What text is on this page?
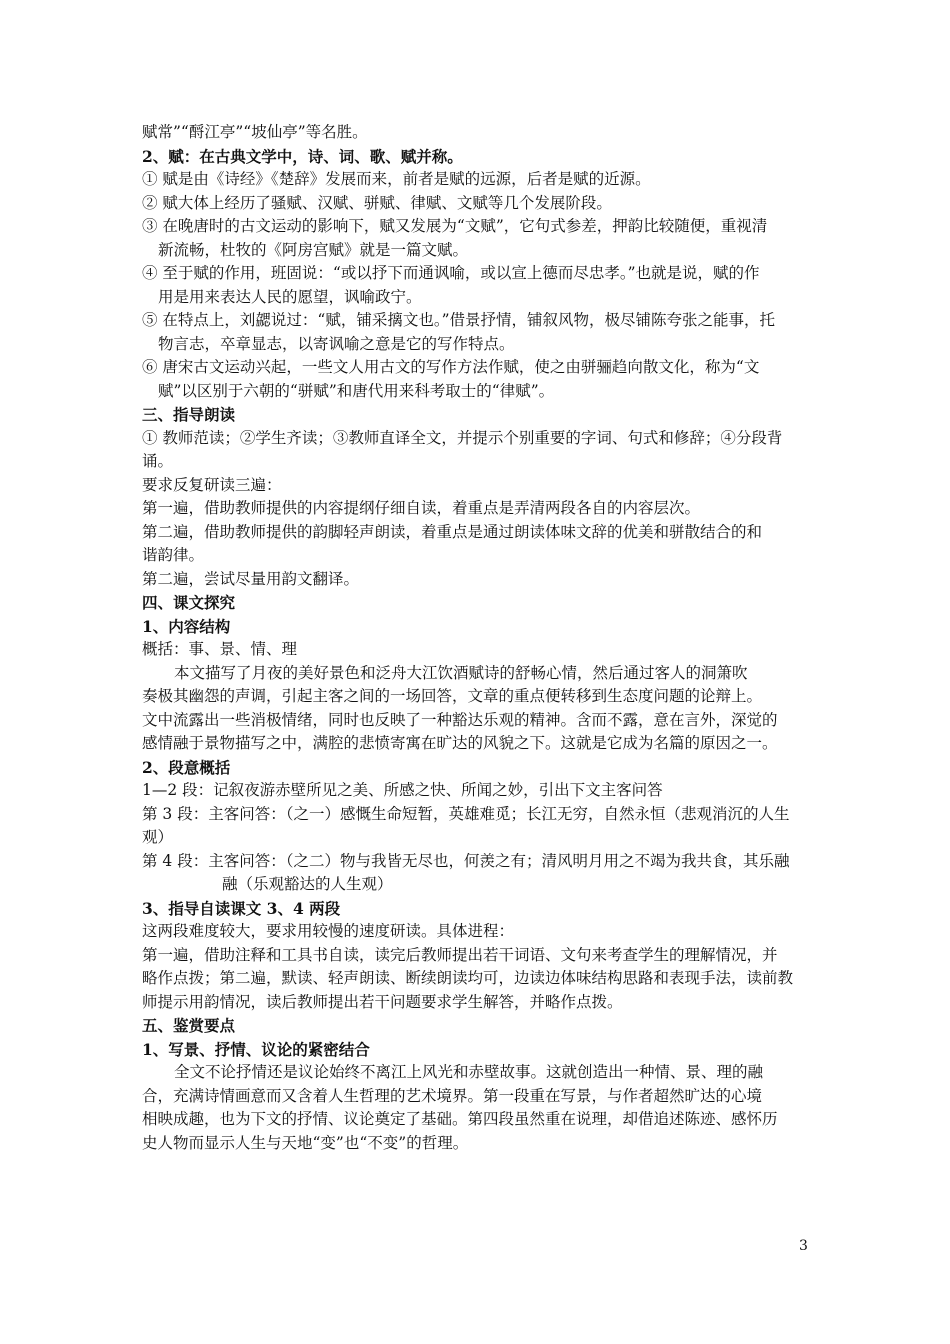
赋常”“酹江亭”“坡仙亭”等名胜。

2、赋：在古典文学中，诗、词、歌、赋并称。

① 赋是由《诗经》《楚辞》发展而来，前者是赋的远源，后者是赋的近源。

② 赋大体上经历了骚赋、汉赋、骈赋、律赋、文赋等几个发展阶段。

③ 在晚唐时的古文运动的影响下，赋又发展为“文赋”，它句式参差，押韵比较随便，重视清

新流畅，杜牧的《阿房宫赋》就是一篇文赋。

④ 至于赋的作用，班固说：“或以抒下而通讽喻，或以宣上德而尽忠孝。”也就是说，赋的作

用是用来表达人民的愿望，讽喻政宁。

⑤ 在特点上，刘勰说过：“赋，铺采摛文也。”借景抒情，铺叙风物，极尽铺陈夸张之能事，托

物言志，卒章显志，以寄讽喻之意是它的写作特点。

⑥ 唐宋古文运动兴起，一些文人用古文的写作方法作赋，使之由骈骊趋向散文化，称为“文

赋”以区别于六朝的“骈赋”和唐代用来科考取士的“律赋”。

三、指导朗读

① 教师范读；②学生齐读；③教师直译全文，并提示个别重要的字词、句式和修辞；④分段背

诵。

要求反复研读三遍：

第一遍，借助教师提供的内容提纲仔细自读，着重点是弄清两段各自的内容层次。

第二遍，借助教师提供的韵脚轻声朗读，着重点是通过朗读体味文辞的优美和骈散结合的和

谐韵律。

第二遍，尝试尽量用韵文翻译。

四、课文探究

1、内容结构

概括：事、景、情、理

本文描写了月夜的美好景色和泛舟大江饮酒赋诗的舒畅心情，然后通过客人的洞箫吹

奏极其幽怨的声调，引起主客之间的一场回答，文章的重点便转移到生态度问题的论辩上。

文中流露出一些消极情绪，同时也反映了一种豁达乐观的精神。含而不露，意在言外，深觉的

感情融于景物描写之中，满腔的悲愤寄寓在旷达的风貌之下。这就是它成为名篇的原因之一。

2、段意概括

1—2 段：记叙夜游赤壁所见之美、所感之快、所闻之妙，引出下文主客问答

第 3 段：主客问答：（之一）感慨生命短暂，英雄难觅；长江无穷，自然永恒（悲观消沉的人生

观）

第 4 段：主客问答：（之二）物与我皆无尽也，何羡之有；清风明月用之不竭为我共食，其乐融

融（乐观豁达的人生观）

3、指导自读课文 3、4 两段

这两段难度较大，要求用较慢的速度研读。具体进程：

第一遍，借助注释和工具书自读，读完后教师提出若干词语、文句来考查学生的理解情况，并

略作点拨；第二遍，默读、轻声朗读、断续朗读均可，边读边体味结构思路和表现手法，读前教

师提示用韵情况，读后教师提出若干问题要求学生解答，并略作点拨。

五、鉴赏要点

1、写景、抒情、议论的紧密结合

全文不论抒情还是议论始终不离江上风光和赤壁故事。这就创造出一种情、景、理的融

合，充满诗情画意而又含着人生哲理的艺术境界。第一段重在写景，与作者超然旷达的心境

相映成趣，也为下文的抒情、议论奠定了基础。第四段虽然重在说理，却借追述陈迹、感怀历

史人物而显示人生与天地“变”也“不变”的哲理。

3
